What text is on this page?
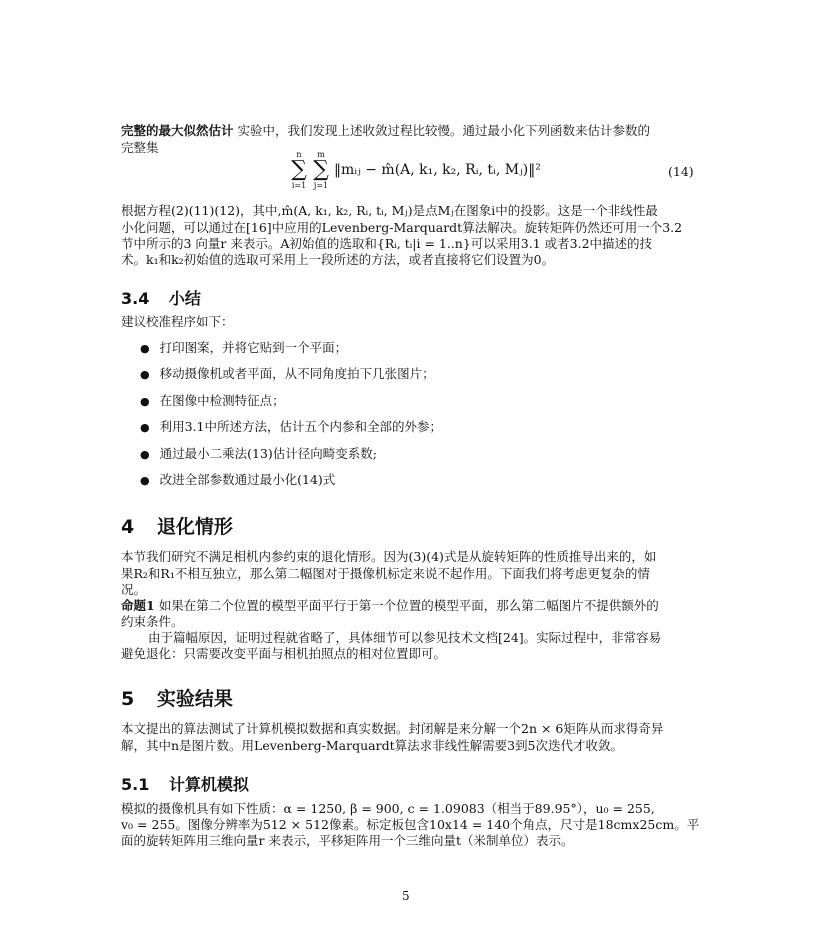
完整的最大似然估计 实验中，我们发现上述收敛过程比较慢。通过最小化下列函数来估计参数的
完整集	n
∑
i=1
m
∑
j=1
‖mᵢⱼ − m̂(A, k₁, k₂, Rᵢ, tᵢ, Mⱼ)‖²	(14)
根据方程(2)(11)(12)，其中,m̂(A, k₁, k₂, Rᵢ, tᵢ, Mⱼ)是点Mⱼ在图象i中的投影。这是一个非线性最
小化问题，可以通过在[16]中应用的Levenberg-Marquardt算法解决。旋转矩阵仍然还可用一个3.2
节中所示的3 向量r 来表示。A初始值的选取和{Rᵢ, tᵢ|i = 1..n}可以采用3.1 或者3.2中描述的技
术。k₁和k₂初始值的选取可采用上一段所述的方法，或者直接将它们设置为0。
3.4 小结
建议校准程序如下：
● 打印图案，并将它贴到一个平面；
● 移动摄像机或者平面，从不同角度拍下几张图片；
● 在图像中检测特征点；
● 利用3.1中所述方法，估计五个内参和全部的外参；
● 通过最小二乘法(13)估计径向畸变系数;
● 改进全部参数通过最小化(14)式
4 退化情形
本节我们研究不满足相机内参约束的退化情形。因为(3)(4)式是从旋转矩阵的性质推导出来的，如
果R₂和R₁不相互独立，那么第二幅图对于摄像机标定来说不起作用。下面我们将考虑更复杂的情
况。
命题1 如果在第二个位置的模型平面平行于第一个位置的模型平面，那么第二幅图片不提供额外的
约束条件。
由于篇幅原因，证明过程就省略了，具体细节可以参见技术文档[24]。实际过程中，非常容易
避免退化：只需要改变平面与相机拍照点的相对位置即可。
5 实验结果
本文提出的算法测试了计算机模拟数据和真实数据。封闭解是来分解一个2n × 6矩阵从而求得奇异
解，其中n是图片数。用Levenberg-Marquardt算法求非线性解需要3到5次迭代才收敛。
5.1 计算机模拟
模拟的摄像机具有如下性质：α = 1250, β = 900, c = 1.09083（相当于89.95°），u₀ = 255,
v₀ = 255。图像分辨率为512 × 512像素。标定板包含10x14 = 140个角点，尺寸是18cmx25cm。平
面的旋转矩阵用三维向量r 来表示，平移矩阵用一个三维向量t（米制单位）表示。
5
